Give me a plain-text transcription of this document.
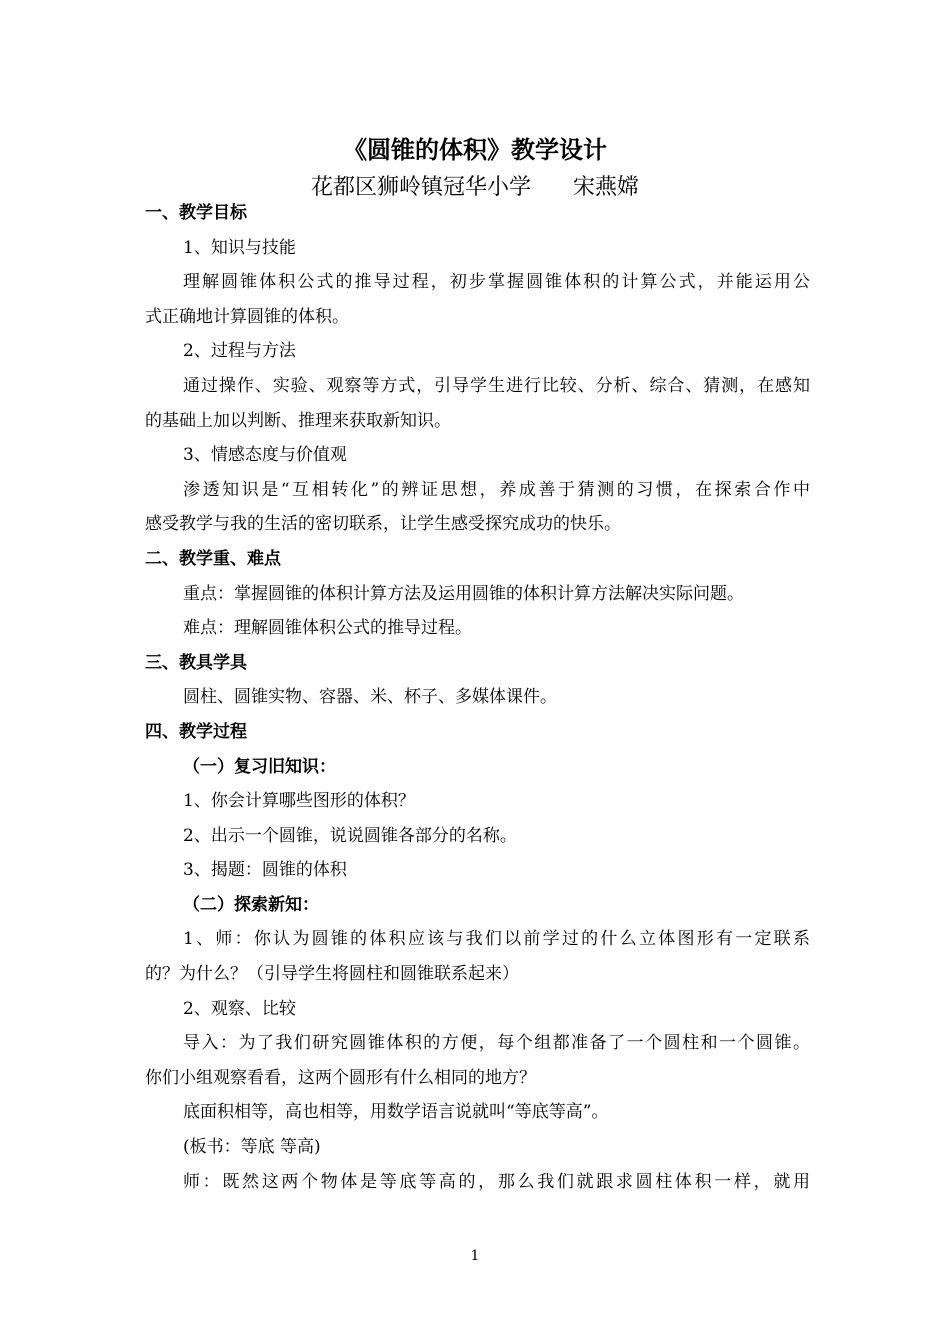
《圆锥的体积》教学设计
花都区狮岭镇冠华小学      宋燕嫦
一、教学目标
1、知识与技能
理解圆锥体积公式的推导过程，初步掌握圆锥体积的计算公式，并能运用公
式正确地计算圆锥的体积。
2、过程与方法
通过操作、实验、观察等方式，引导学生进行比较、分析、综合、猜测，在感知
的基础上加以判断、推理来获取新知识。
3、情感态度与价值观
渗透知识是“互相转化”的辨证思想，养成善于猜测的习惯，在探索合作中
感受教学与我的生活的密切联系，让学生感受探究成功的快乐。
二、教学重、难点
重点：掌握圆锥的体积计算方法及运用圆锥的体积计算方法解决实际问题。
难点：理解圆锥体积公式的推导过程。
三、教具学具
圆柱、圆锥实物、容器、米、杯子、多媒体课件。
四、教学过程
（一）复习旧知识：
1、你会计算哪些图形的体积？
2、出示一个圆锥，说说圆锥各部分的名称。
3、揭题：圆锥的体积
（二）探索新知：
1、师：你认为圆锥的体积应该与我们以前学过的什么立体图形有一定联系
的？为什么？（引导学生将圆柱和圆锥联系起来）
2、观察、比较
导入：为了我们研究圆锥体积的方便，每个组都准备了一个圆柱和一个圆锥。
你们小组观察看看，这两个圆形有什么相同的地方？
底面积相等，高也相等，用数学语言说就叫“等底等高”。
(板书：等底 等高)
师：既然这两个物体是等底等高的，那么我们就跟求圆柱体积一样，就用
1
